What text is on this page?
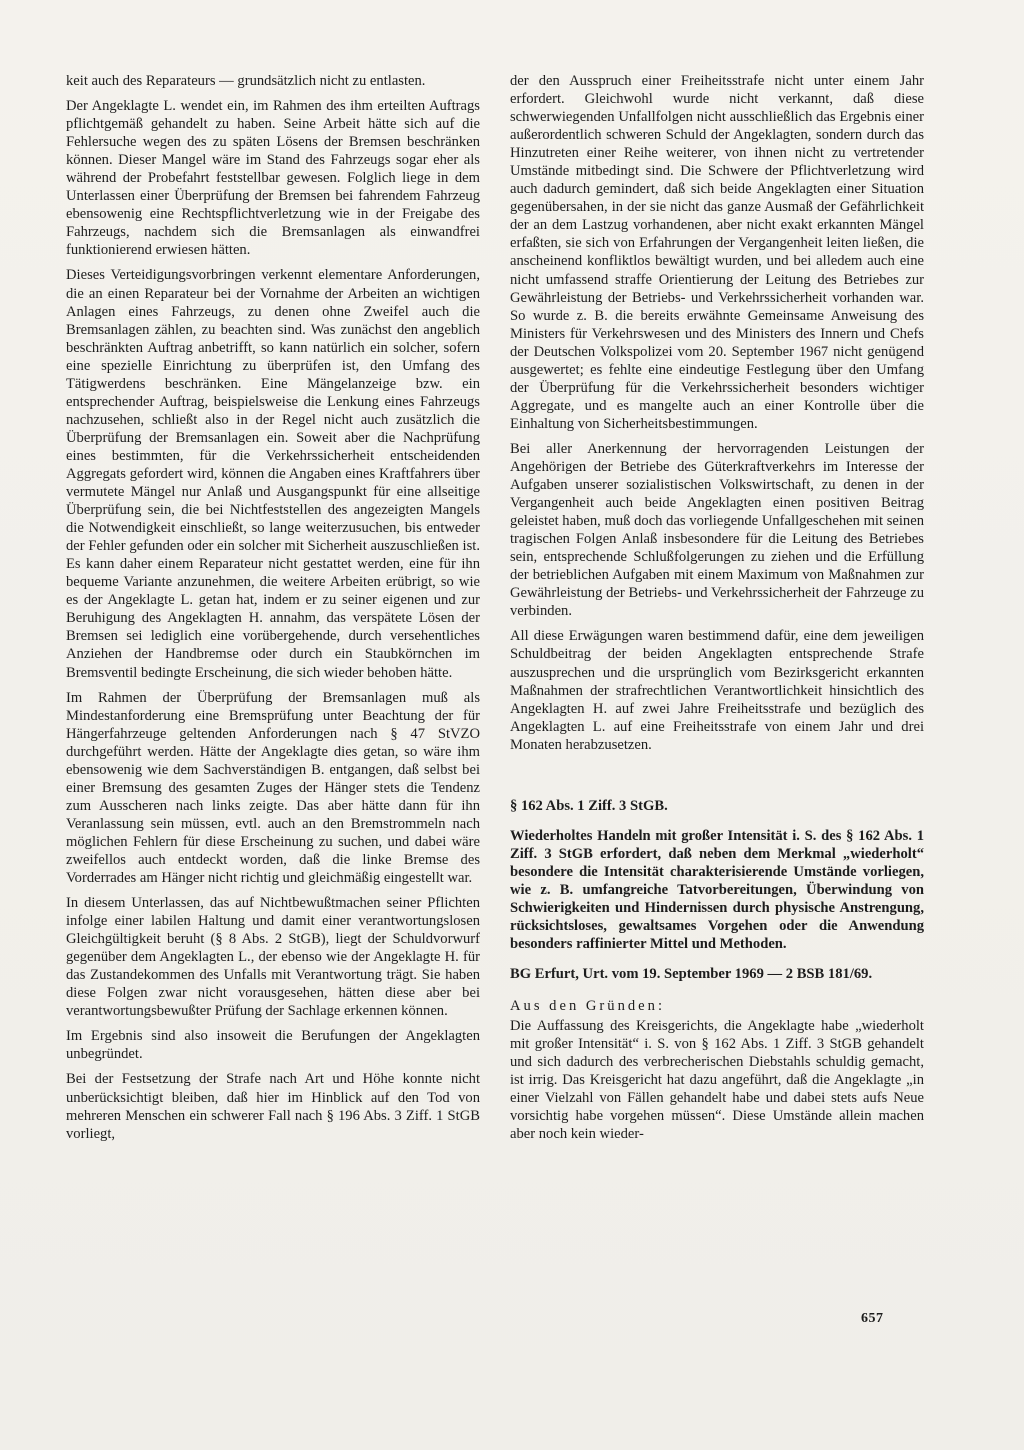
keit auch des Reparateurs — grundsätzlich nicht zu entlasten.

Der Angeklagte L. wendet ein, im Rahmen des ihm erteilten Auftrags pflichtgemäß gehandelt zu haben. Seine Arbeit hätte sich auf die Fehlersuche wegen des zu späten Lösens der Bremsen beschränken können. Dieser Mangel wäre im Stand des Fahrzeugs sogar eher als während der Probefahrt feststellbar gewesen. Folglich liege in dem Unterlassen einer Überprüfung der Bremsen bei fahrendem Fahrzeug ebensowenig eine Rechtspflichtverletzung wie in der Freigabe des Fahrzeugs, nachdem sich die Bremsanlagen als einwandfrei funktionierend erwiesen hätten.

Dieses Verteidigungsvorbringen verkennt elementare Anforderungen, die an einen Reparateur bei der Vornahme der Arbeiten an wichtigen Anlagen eines Fahrzeugs, zu denen ohne Zweifel auch die Bremsanlagen zählen, zu beachten sind. Was zunächst den angeblich beschränkten Auftrag anbetrifft, so kann natürlich ein solcher, sofern eine spezielle Einrichtung zu überprüfen ist, den Umfang des Tätigwerdens beschränken. Eine Mängelanzeige bzw. ein entsprechender Auftrag, beispielsweise die Lenkung eines Fahrzeugs nachzusehen, schließt also in der Regel nicht auch zusätzlich die Überprüfung der Bremsanlagen ein. Soweit aber die Nachprüfung eines bestimmten, für die Verkehrssicherheit entscheidenden Aggregats gefordert wird, können die Angaben eines Kraftfahrers über vermutete Mängel nur Anlaß und Ausgangspunkt für eine allseitige Überprüfung sein, die bei Nichtfeststellen des angezeigten Mangels die Notwendigkeit einschließt, so lange weiterzusuchen, bis entweder der Fehler gefunden oder ein solcher mit Sicherheit auszuschließen ist. Es kann daher einem Reparateur nicht gestattet werden, eine für ihn bequeme Variante anzunehmen, die weitere Arbeiten erübrigt, so wie es der Angeklagte L. getan hat, indem er zu seiner eigenen und zur Beruhigung des Angeklagten H. annahm, das verspätete Lösen der Bremsen sei lediglich eine vorübergehende, durch versehentliches Anziehen der Handbremse oder durch ein Staubkörnchen im Bremsventil bedingte Erscheinung, die sich wieder behoben hätte.

Im Rahmen der Überprüfung der Bremsanlagen muß als Mindestanforderung eine Bremsprüfung unter Beachtung der für Hängerfahrzeuge geltenden Anforderungen nach § 47 StVZO durchgeführt werden. Hätte der Angeklagte dies getan, so wäre ihm ebensowenig wie dem Sachverständigen B. entgangen, daß selbst bei einer Bremsung des gesamten Zuges der Hänger stets die Tendenz zum Ausscheren nach links zeigte. Das aber hätte dann für ihn Veranlassung sein müssen, evtl. auch an den Bremstrommeln nach möglichen Fehlern für diese Erscheinung zu suchen, und dabei wäre zweifellos auch entdeckt worden, daß die linke Bremse des Vorderrades am Hänger nicht richtig und gleichmäßig eingestellt war.

In diesem Unterlassen, das auf Nichtbewußtmachen seiner Pflichten infolge einer labilen Haltung und damit einer verantwortungslosen Gleichgültigkeit beruht (§ 8 Abs. 2 StGB), liegt der Schuldvorwurf gegenüber dem Angeklagten L., der ebenso wie der Angeklagte H. für das Zustandekommen des Unfalls mit Verantwortung trägt. Sie haben diese Folgen zwar nicht vorausgesehen, hätten diese aber bei verantwortungsbewußter Prüfung der Sachlage erkennen können.

Im Ergebnis sind also insoweit die Berufungen der Angeklagten unbegründet.

Bei der Festsetzung der Strafe nach Art und Höhe konnte nicht unberücksichtigt bleiben, daß hier im Hinblick auf den Tod von mehreren Menschen ein schwerer Fall nach § 196 Abs. 3 Ziff. 1 StGB vorliegt,

der den Ausspruch einer Freiheitsstrafe nicht unter einem Jahr erfordert. Gleichwohl wurde nicht verkannt, daß diese schwerwiegenden Unfallfolgen nicht ausschließlich das Ergebnis einer außerordentlich schweren Schuld der Angeklagten, sondern durch das Hinzutreten einer Reihe weiterer, von ihnen nicht zu vertretender Umstände mitbedingt sind. Die Schwere der Pflichtverletzung wird auch dadurch gemindert, daß sich beide Angeklagten einer Situation gegenübersahen, in der sie nicht das ganze Ausmaß der Gefährlichkeit der an dem Lastzug vorhandenen, aber nicht exakt erkannten Mängel erfaßten, sie sich von Erfahrungen der Vergangenheit leiten ließen, die anscheinend konfliktlos bewältigt wurden, und bei alledem auch eine nicht umfassend straffe Orientierung der Leitung des Betriebes zur Gewährleistung der Betriebs- und Verkehrssicherheit vorhanden war. So wurde z. B. die bereits erwähnte Gemeinsame Anweisung des Ministers für Verkehrswesen und des Ministers des Innern und Chefs der Deutschen Volkspolizei vom 20. September 1967 nicht genügend ausgewertet; es fehlte eine eindeutige Festlegung über den Umfang der Überprüfung für die Verkehrssicherheit besonders wichtiger Aggregate, und es mangelte auch an einer Kontrolle über die Einhaltung von Sicherheitsbestimmungen.

Bei aller Anerkennung der hervorragenden Leistungen der Angehörigen der Betriebe des Güterkraftverkehrs im Interesse der Aufgaben unserer sozialistischen Volkswirtschaft, zu denen in der Vergangenheit auch beide Angeklagten einen positiven Beitrag geleistet haben, muß doch das vorliegende Unfallgeschehen mit seinen tragischen Folgen Anlaß insbesondere für die Leitung des Betriebes sein, entsprechende Schlußfolgerungen zu ziehen und die Erfüllung der betrieblichen Aufgaben mit einem Maximum von Maßnahmen zur Gewährleistung der Betriebs- und Verkehrssicherheit der Fahrzeuge zu verbinden.

All diese Erwägungen waren bestimmend dafür, eine dem jeweiligen Schuldbeitrag der beiden Angeklagten entsprechende Strafe auszusprechen und die ursprünglich vom Bezirksgericht erkannten Maßnahmen der strafrechtlichen Verantwortlichkeit hinsichtlich des Angeklagten H. auf zwei Jahre Freiheitsstrafe und bezüglich des Angeklagten L. auf eine Freiheitsstrafe von einem Jahr und drei Monaten herabzusetzen.

§ 162 Abs. 1 Ziff. 3 StGB.

Wiederholtes Handeln mit großer Intensität i. S. des § 162 Abs. 1 Ziff. 3 StGB erfordert, daß neben dem Merkmal „wiederholt“ besondere die Intensität charakterisierende Umstände vorliegen, wie z. B. umfangreiche Tatvorbereitungen, Überwindung von Schwierigkeiten und Hindernissen durch physische Anstrengung, rücksichtsloses, gewaltsames Vorgehen oder die Anwendung besonders raffinierter Mittel und Methoden.

BG Erfurt, Urt. vom 19. September 1969 — 2 BSB 181/69.

Aus den Gründen:

Die Auffassung des Kreisgerichts, die Angeklagte habe „wiederholt mit großer Intensität“ i. S. von § 162 Abs. 1 Ziff. 3 StGB gehandelt und sich dadurch des verbrecherischen Diebstahls schuldig gemacht, ist irrig. Das Kreisgericht hat dazu angeführt, daß die Angeklagte „in einer Vielzahl von Fällen gehandelt habe und dabei stets aufs Neue vorsichtig habe vorgehen müssen“. Diese Umstände allein machen aber noch kein wieder-

657
